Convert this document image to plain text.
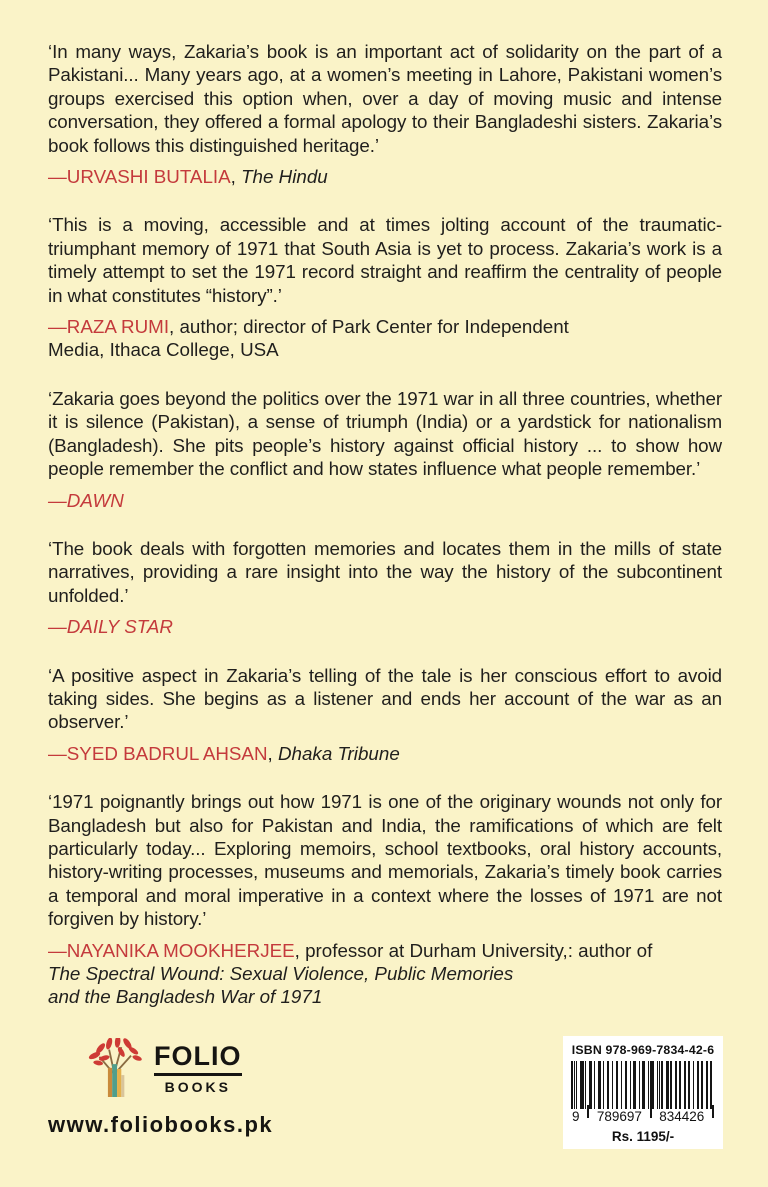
‘In many ways, Zakaria’s book is an important act of solidarity on the part of a Pakistani... Many years ago, at a women’s meeting in Lahore, Pakistani women’s groups exercised this option when, over a day of moving music and intense conversation, they offered a formal apology to their Bangladeshi sisters. Zakaria’s book follows this distinguished heritage.’

—URVASHI BUTALIA, The Hindu

‘This is a moving, accessible and at times jolting account of the traumatic-triumphant memory of 1971 that South Asia is yet to process. Zakaria’s work is a timely attempt to set the 1971 record straight and reaffirm the centrality of people in what constitutes “history”.’

—RAZA RUMI, author; director of Park Center for Independent
Media, Ithaca College, USA

‘Zakaria goes beyond the politics over the 1971 war in all three countries, whether it is silence (Pakistan), a sense of triumph (India) or a yardstick for nationalism (Bangladesh). She pits people’s history against official history ... to show how people remember the conflict and how states influence what people remember.’

—DAWN

‘The book deals with forgotten memories and locates them in the mills of state narratives, providing a rare insight into the way the history of the subcontinent unfolded.’

—DAILY STAR

‘A positive aspect in Zakaria’s telling of the tale is her conscious effort to avoid taking sides. She begins as a listener and ends her account of the war as an observer.’

—SYED BADRUL AHSAN, Dhaka Tribune

‘1971 poignantly brings out how 1971 is one of the originary wounds not only for Bangladesh but also for Pakistan and India, the ramifications of which are felt particularly today... Exploring memoirs, school textbooks, oral history accounts, history-writing processes, museums and memorials, Zakaria’s timely book carries a temporal and moral imperative in a context where the losses of 1971 are not forgiven by history.’

—NAYANIKA MOOKHERJEE, professor at Durham University,: author of
The Spectral Wound: Sexual Violence, Public Memories
and the Bangladesh War of 1971

FOLIO
BOOKS
www.foliobooks.pk
ISBN 978-969-7834-42-6
9 789697 834426
Rs. 1195/-
